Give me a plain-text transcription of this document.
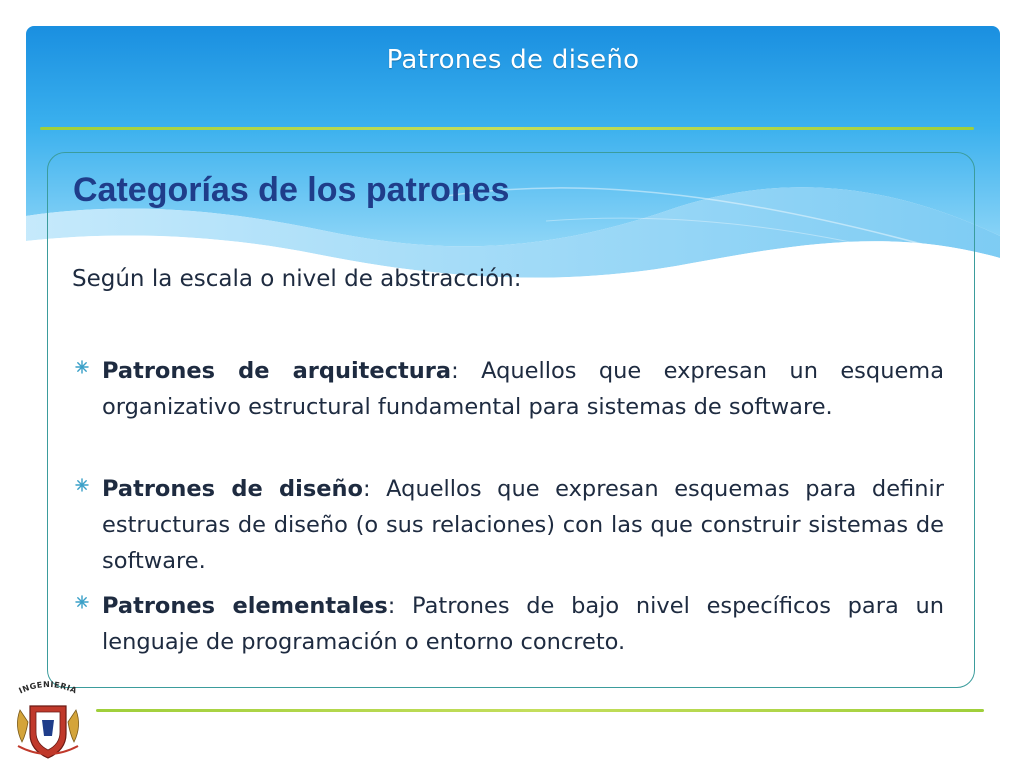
Patrones de diseño
Categorías de los patrones
Según la escala o nivel de abstracción:
Patrones de arquitectura: Aquellos que expresan un esquema organizativo estructural fundamental para sistemas de software.
Patrones de diseño: Aquellos que expresan esquemas para definir estructuras de diseño (o sus relaciones) con las que construir sistemas de software.
Patrones elementales: Patrones de bajo nivel específicos para un lenguaje de programación o entorno concreto.
INGENIERIA
